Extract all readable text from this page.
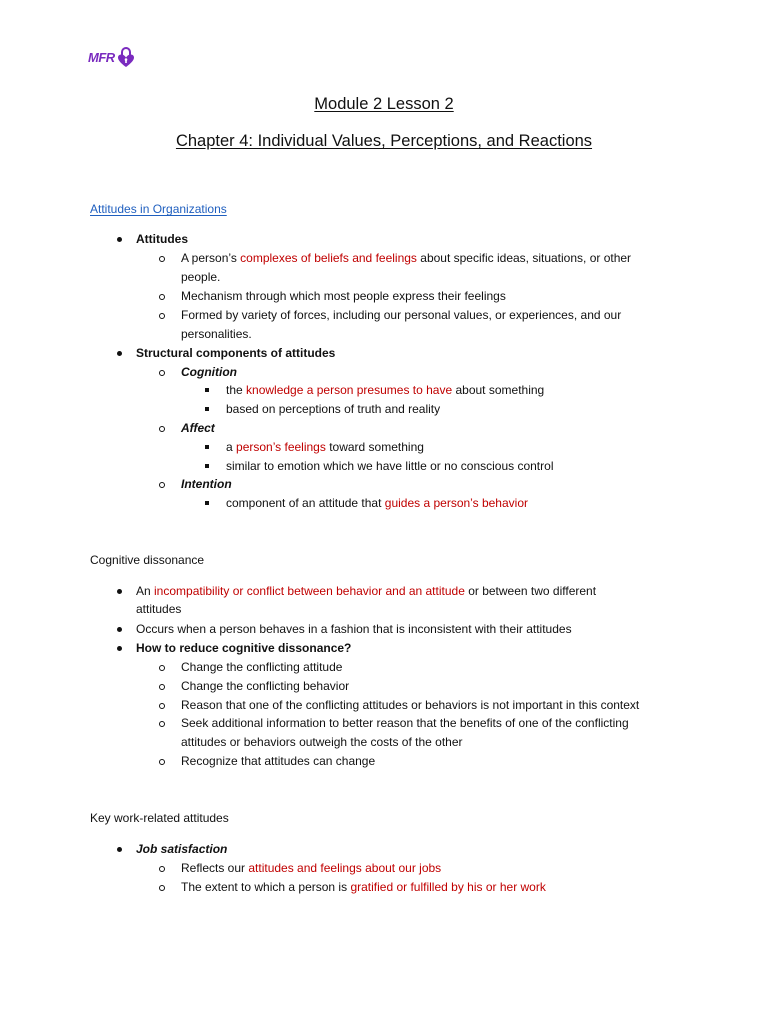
MFR
Module 2 Lesson 2
Chapter 4: Individual Values, Perceptions, and Reactions
Attitudes in Organizations
Attitudes
A person’s complexes of beliefs and feelings about specific ideas, situations, or other
people.
Mechanism through which most people express their feelings
Formed by variety of forces, including our personal values, or experiences, and our
personalities.
Structural components of attitudes
Cognition
the knowledge a person presumes to have about something
based on perceptions of truth and reality
Affect
a person’s feelings toward something
similar to emotion which we have little or no conscious control
Intention
component of an attitude that guides a person’s behavior
Cognitive dissonance
An incompatibility or conflict between behavior and an attitude or between two different
attitudes
Occurs when a person behaves in a fashion that is inconsistent with their attitudes
How to reduce cognitive dissonance?
Change the conflicting attitude
Change the conflicting behavior
Reason that one of the conflicting attitudes or behaviors is not important in this context
Seek additional information to better reason that the benefits of one of the conflicting
attitudes or behaviors outweigh the costs of the other
Recognize that attitudes can change
Key work-related attitudes
Job satisfaction
Reflects our attitudes and feelings about our jobs
The extent to which a person is gratified or fulfilled by his or her work
